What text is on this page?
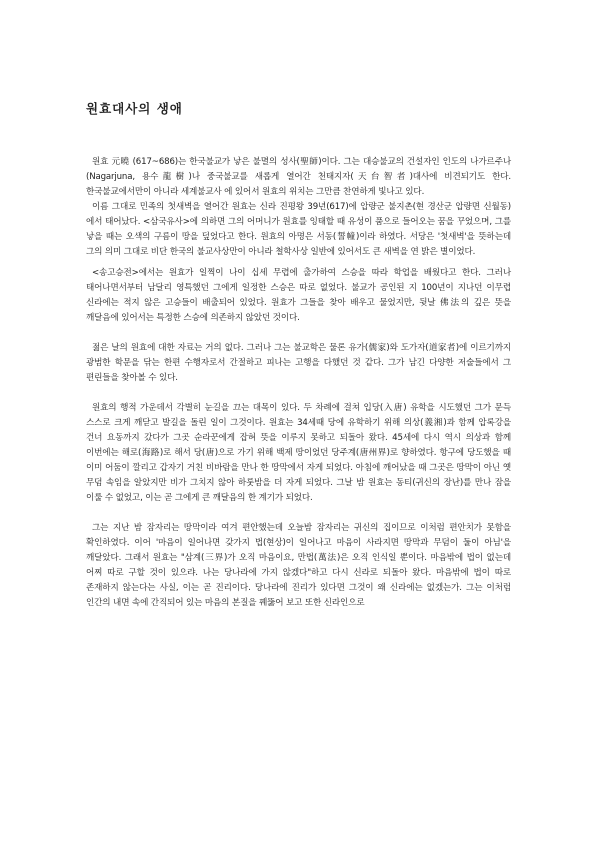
원효대사의 생애

원효 元曉 (617~686)는 한국불교가 낳은 불멸의 성사(聖師)이다. 그는 대승불교의 건설자인 인도의 나가르주나(Nagarjuna, 용수龍樹)나 중국불교를 새롭게 열어간 천태지자(天台智者)대사에 비견되기도 한다. 한국불교에서만이 아니라 세계불교사 에 있어서 원효의 위치는 그만큼 찬연하게 빛나고 있다.

이름 그대로 민족의 첫새벽을 열어간 원효는 신라 진평왕 39년(617)에 압량군 불지촌(현 경산군 압량면 신월동)에서 태어났다. <삼국유사>에 의하면 그의 어머니가 원효를 잉태할 때 유성이 품으로 들어오는 꿈을 꾸었으며, 그를 낳을 때는 오색의 구름이 땅을 덮었다고 한다. 원효의 아명은 서동(誓幢)이라 하였다. 서당은 '첫새벽'을 뜻하는데 그의 의미 그대로 비단 한국의 불교사상만이 아니라 철학사상 일반에 있어서도 큰 새벽을 연 밝은 별이었다.

<송고승전>에서는 원효가 일찍이 나이 십세 무렵에 출가하여 스승을 따라 학업을 배웠다고 한다. 그러나 태어나면서부터 남달리 영특했던 그에게 일정한 스승은 따로 없었다. 불교가 공인된 지 100년이 지나던 이무렵 신라에는 적지 않은 고승들이 배출되어 있었다. 원효가 그들을 찾아 배우고 물었지만, 뒷날 佛法의 깊은 뜻을 깨달음에 있어서는 특정한 스승에 의존하지 않았던 것이다.

젊은 날의 원효에 대한 자료는 거의 없다. 그러나 그는 불교학은 물론 유가(儒家)와 도가자(道家者)에 이르기까지 광범한 학문을 닦는 한편 수행자로서 간절하고 피나는 고행을 다했던 것 같다. 그가 남긴 다양한 저술들에서 그 편린들을 찾아볼 수 있다.

원효의 행적 가운데서 각별히 눈길을 끄는 대목이 있다. 두 차례에 걸쳐 입당(入唐) 유학을 시도했던 그가 문득 스스로 크게 깨닫고 발길을 돌린 일이 그것이다. 원효는 34세때 당에 유학하기 위해 의상(義湘)과 함께 압록강을 건너 요동까지 갔다가 그곳 순라꾼에게 잡혀 뜻을 이루지 못하고 되돌아 왔다. 45세에 다시 역시 의상과 함께 이번에는 해로(海路)로 해서 당(唐)으로 가기 위해 백제 땅이었던 당주계(唐州界)로 향하였다. 항구에 당도했을 때 이미 어둠이 깔리고 갑자기 거친 비바람을 만나 한 땅막에서 자게 되었다. 아침에 깨어났을 때 그곳은 땅막이 아닌 옛 무덤 속임을 알았지만 비가 그치지 않아 하룻밤을 더 자게 되었다. 그날 밤 원효는 동티(귀신의 장난)를 만나 잠을 이룰 수 없었고, 이는 곧 그에게 큰 깨달음의 한 계기가 되었다.

그는 지난 밤 잠자리는 땅막이라 여겨 편안했는데 오늘밤 잠자리는 귀신의 집이므로 이처럼 편안치가 못함을 확인하였다. 이어 '마음이 일어나면 갖가지 법(현상)이 일어나고 마음이 사라지면 땅막과 무덤이 둘이 아님'을 깨달았다. 그래서 원효는 "삼계(三界)가 오직 마음이요, 만법(萬法)은 오직 인식일 뿐이다. 마음밖에 법이 없는데 어찌 따로 구할 것이 있으랴. 나는 당나라에 가지 않겠다"하고 다시 신라로 되돌아 왔다. 마음밖에 법이 따로 존재하지 않는다는 사실, 이는 곧 진리이다. 당나라에 진리가 있다면 그것이 왜 신라에는 없겠는가. 그는 이처럼 인간의 내면 속에 간직되어 있는 마음의 본질을 꿰뚫어 보고 또한 신라인으로
